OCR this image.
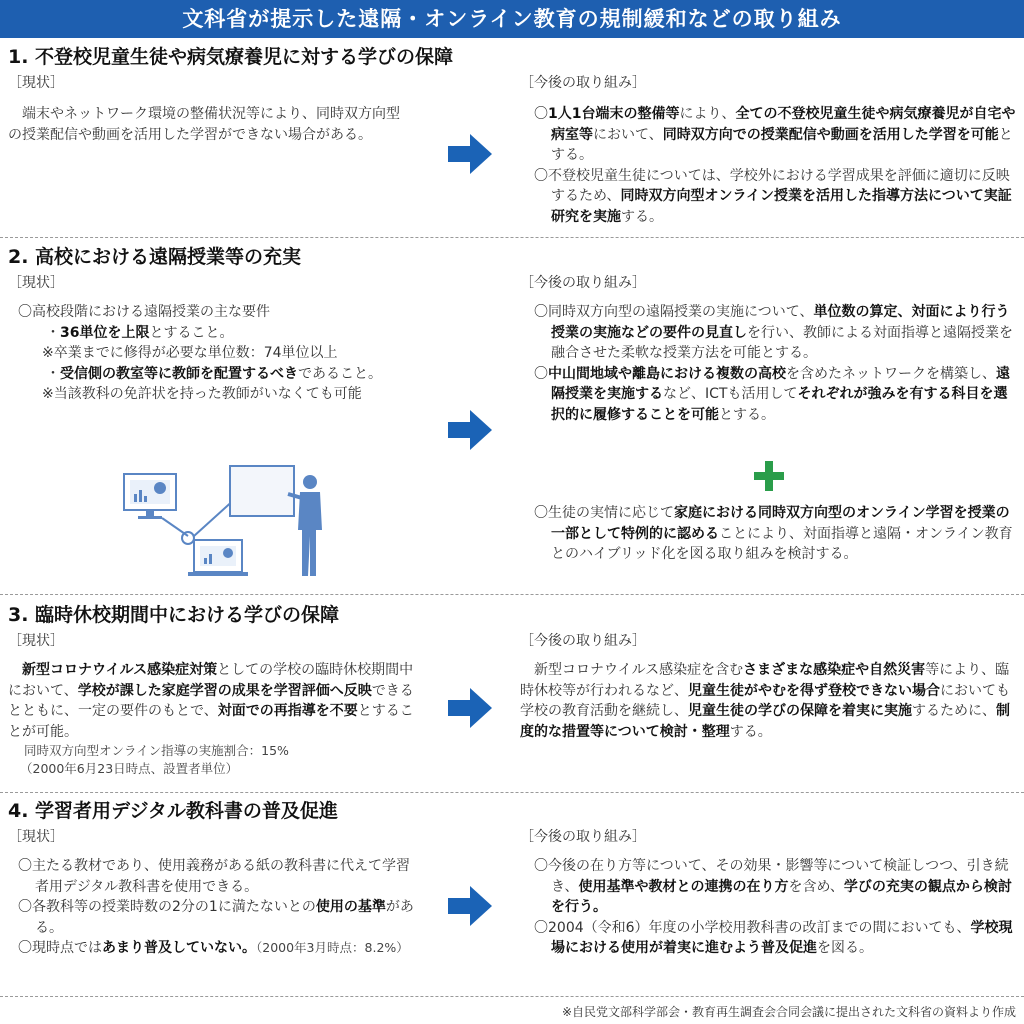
文科省が提示した遠隔・オンライン教育の規制緩和などの取り組み
1. 不登校児童生徒や病気療養児に対する学びの保障
［現状］	［今後の取り組み］
　端末やネットワーク環境の整備状況等により、同時双方向型の授業配信や動画を活用した学習ができない場合がある。

〇1人1台端末の整備等により、全ての不登校児童生徒や病気療養児が自宅や病室等において、同時双方向での授業配信や動画を活用した学習を可能とする。

〇不登校児童生徒については、学校外における学習成果を評価に適切に反映するため、同時双方向型オンライン授業を活用した指導方法について実証研究を実施する。

2. 高校における遠隔授業等の充実
［現状］	［今後の取り組み］

〇高校段階における遠隔授業の主な要件

・36単位を上限とすること。

※卒業までに修得が必要な単位数：74単位以上

・受信側の教室等に教師を配置するべきであること。

※当該教科の免許状を持った教師がいなくても可能

〇同時双方向型の遠隔授業の実施について、単位数の算定、対面により行う授業の実施などの要件の見直しを行い、教師による対面指導と遠隔授業を融合させた柔軟な授業方法を可能とする。

〇中山間地域や離島における複数の高校を含めたネットワークを構築し、遠隔授業を実施するなど、ICTも活用してそれぞれが強みを有する科目を選択的に履修することを可能とする。

〇生徒の実情に応じて家庭における同時双方向型のオンライン学習を授業の一部として特例的に認めることにより、対面指導と遠隔・オンライン教育とのハイブリッド化を図る取り組みを検討する。

3. 臨時休校期間中における学びの保障
［現状］	［今後の取り組み］

　新型コロナウイルス感染症対策としての学校の臨時休校期間中において、学校が課した家庭学習の成果を学習評価へ反映できるとともに、一定の要件のもとで、対面での再指導を不要とすることが可能。

同時双方向型オンライン指導の実施割合：15%

（2000年6月23日時点、設置者単位）

　新型コロナウイルス感染症を含むさまざまな感染症や自然災害等により、臨時休校等が行われるなど、児童生徒がやむを得ず登校できない場合においても学校の教育活動を継続し、児童生徒の学びの保障を着実に実施するために、制度的な措置等について検討・整理する。

4. 学習者用デジタル教科書の普及促進
［現状］	［今後の取り組み］

〇主たる教材であり、使用義務がある紙の教科書に代えて学習者用デジタル教科書を使用できる。

〇各教科等の授業時数の2分の1に満たないとの使用の基準がある。

〇現時点ではあまり普及していない。（2000年3月時点：8.2%）

〇今後の在り方等について、その効果・影響等について検証しつつ、引き続き、使用基準や教材との連携の在り方を含め、学びの充実の観点から検討を行う。

〇2004（令和6）年度の小学校用教科書の改訂までの間においても、学校現場における使用が着実に進むよう普及促進を図る。

※自民党文部科学部会・教育再生調査会合同会議に提出された文科省の資料より作成
